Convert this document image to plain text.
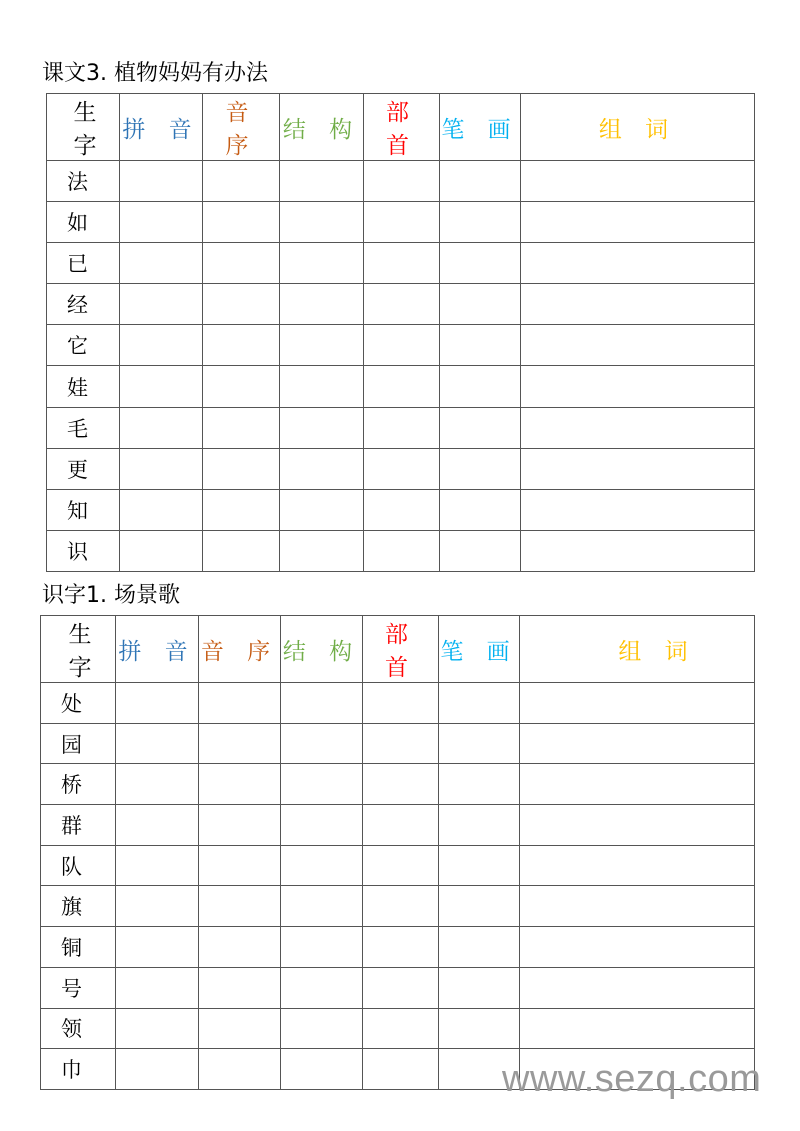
课文3. 植物妈妈有办法
生 字	拼 音	音 序	结 构	部 首	笔 画	组 词
法						
如						
已						
经						
它						
娃						
毛						
更						
知						
识						
识字1. 场景歌
生 字	拼 音	音 序	结 构	部 首	笔 画	组 词
处						
园						
桥						
群						
队						
旗						
铜						
号						
领						
巾							www.sezq.com
